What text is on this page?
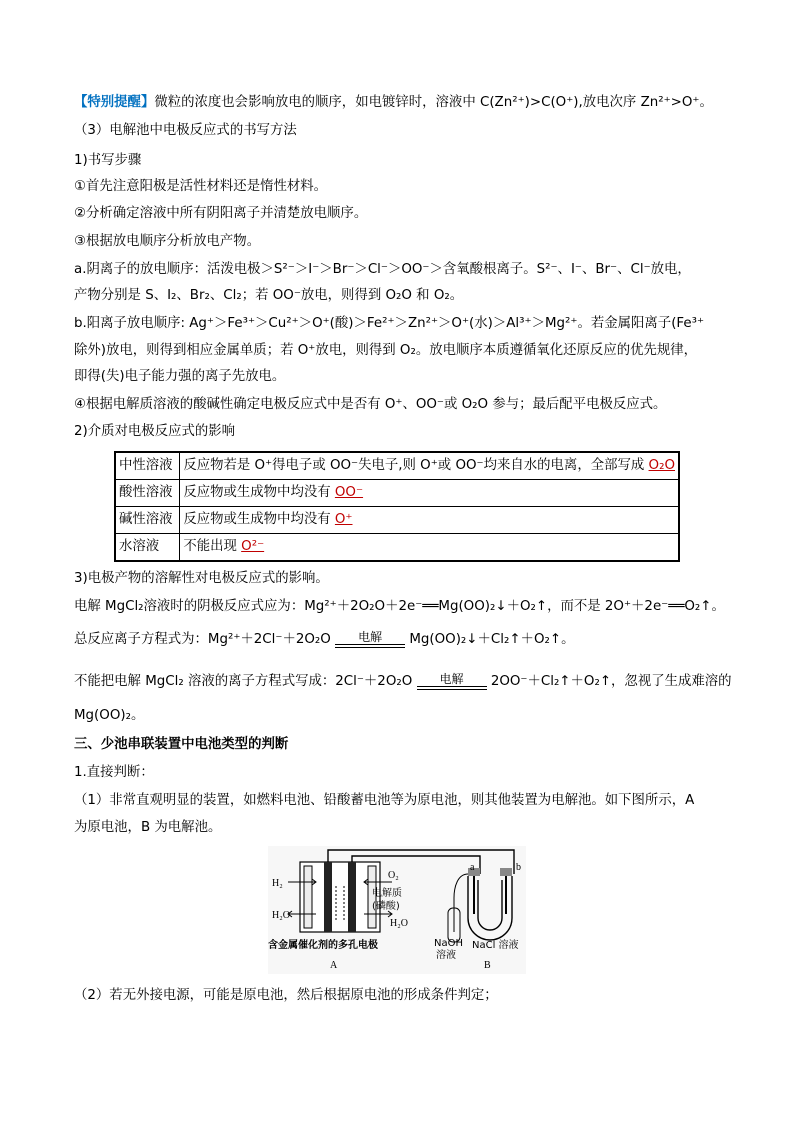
【特别提醒】微粒的浓度也会影响放电的顺序，如电镀锌时，溶液中 C(Zn²⁺)>C(O⁺),放电次序 Zn²⁺>O⁺。
（3）电解池中电极反应式的书写方法
1)书写步骤
①首先注意阳极是活性材料还是惰性材料。
②分析确定溶液中所有阴阳离子并清楚放电顺序。
③根据放电顺序分析放电产物。
a.阴离子的放电顺序：活泼电极＞S²⁻＞I⁻＞Br⁻＞Cl⁻＞OO⁻＞含氧酸根离子。S²⁻、I⁻、Br⁻、Cl⁻放电，
产物分别是 S、I₂、Br₂、Cl₂；若 OO⁻放电，则得到 O₂O 和 O₂。
b.阳离子放电顺序: Ag⁺＞Fe³⁺＞Cu²⁺＞O⁺(酸)＞Fe²⁺＞Zn²⁺＞O⁺(水)＞Al³⁺＞Mg²⁺。若金属阳离子(Fe³⁺
除外)放电，则得到相应金属单质；若 O⁺放电，则得到 O₂。放电顺序本质遵循氧化还原反应的优先规律，
即得(失)电子能力强的离子先放电。
④根据电解质溶液的酸碱性确定电极反应式中是否有 O⁺、OO⁻或 O₂O 参与；最后配平电极反应式。
2)介质对电极反应式的影响
中性溶液	反应物若是 O⁺得电子或 OO⁻失电子,则 O⁺或 OO⁻均来自水的电离，全部写成 O₂O
酸性溶液	反应物或生成物中均没有 OO⁻
碱性溶液	反应物或生成物中均没有 O⁺
水溶液	不能出现 O²⁻
3)电极产物的溶解性对电极反应式的影响。
电解 MgCl₂溶液时的阴极反应式应为：Mg²⁺＋2O₂O＋2e⁻══Mg(OO)₂↓＋O₂↑，而不是 2O⁺＋2e⁻══O₂↑。
总反应离子方程式为：Mg²⁺＋2Cl⁻＋2O₂O	电解	Mg(OO)₂↓＋Cl₂↑＋O₂↑。
不能把电解 MgCl₂ 溶液的离子方程式写成：2Cl⁻＋2O₂O	电解	2OO⁻＋Cl₂↑＋O₂↑，忽视了生成难溶的
Mg(OO)₂。
三、少池串联装置中电池类型的判断
1.直接判断：
（1）非常直观明显的装置，如燃料电池、铅酸蓄电池等为原电池，则其他装置为电解池。如下图所示，A
为原电池，B 为电解池。
H₂
H₂O
O₂
电解质
(磷酸)
H₂O
含金属催化剂的多孔电极
A
a	b
NaOH
溶液
NaCl 溶液
B
（2）若无外接电源，可能是原电池，然后根据原电池的形成条件判定；
